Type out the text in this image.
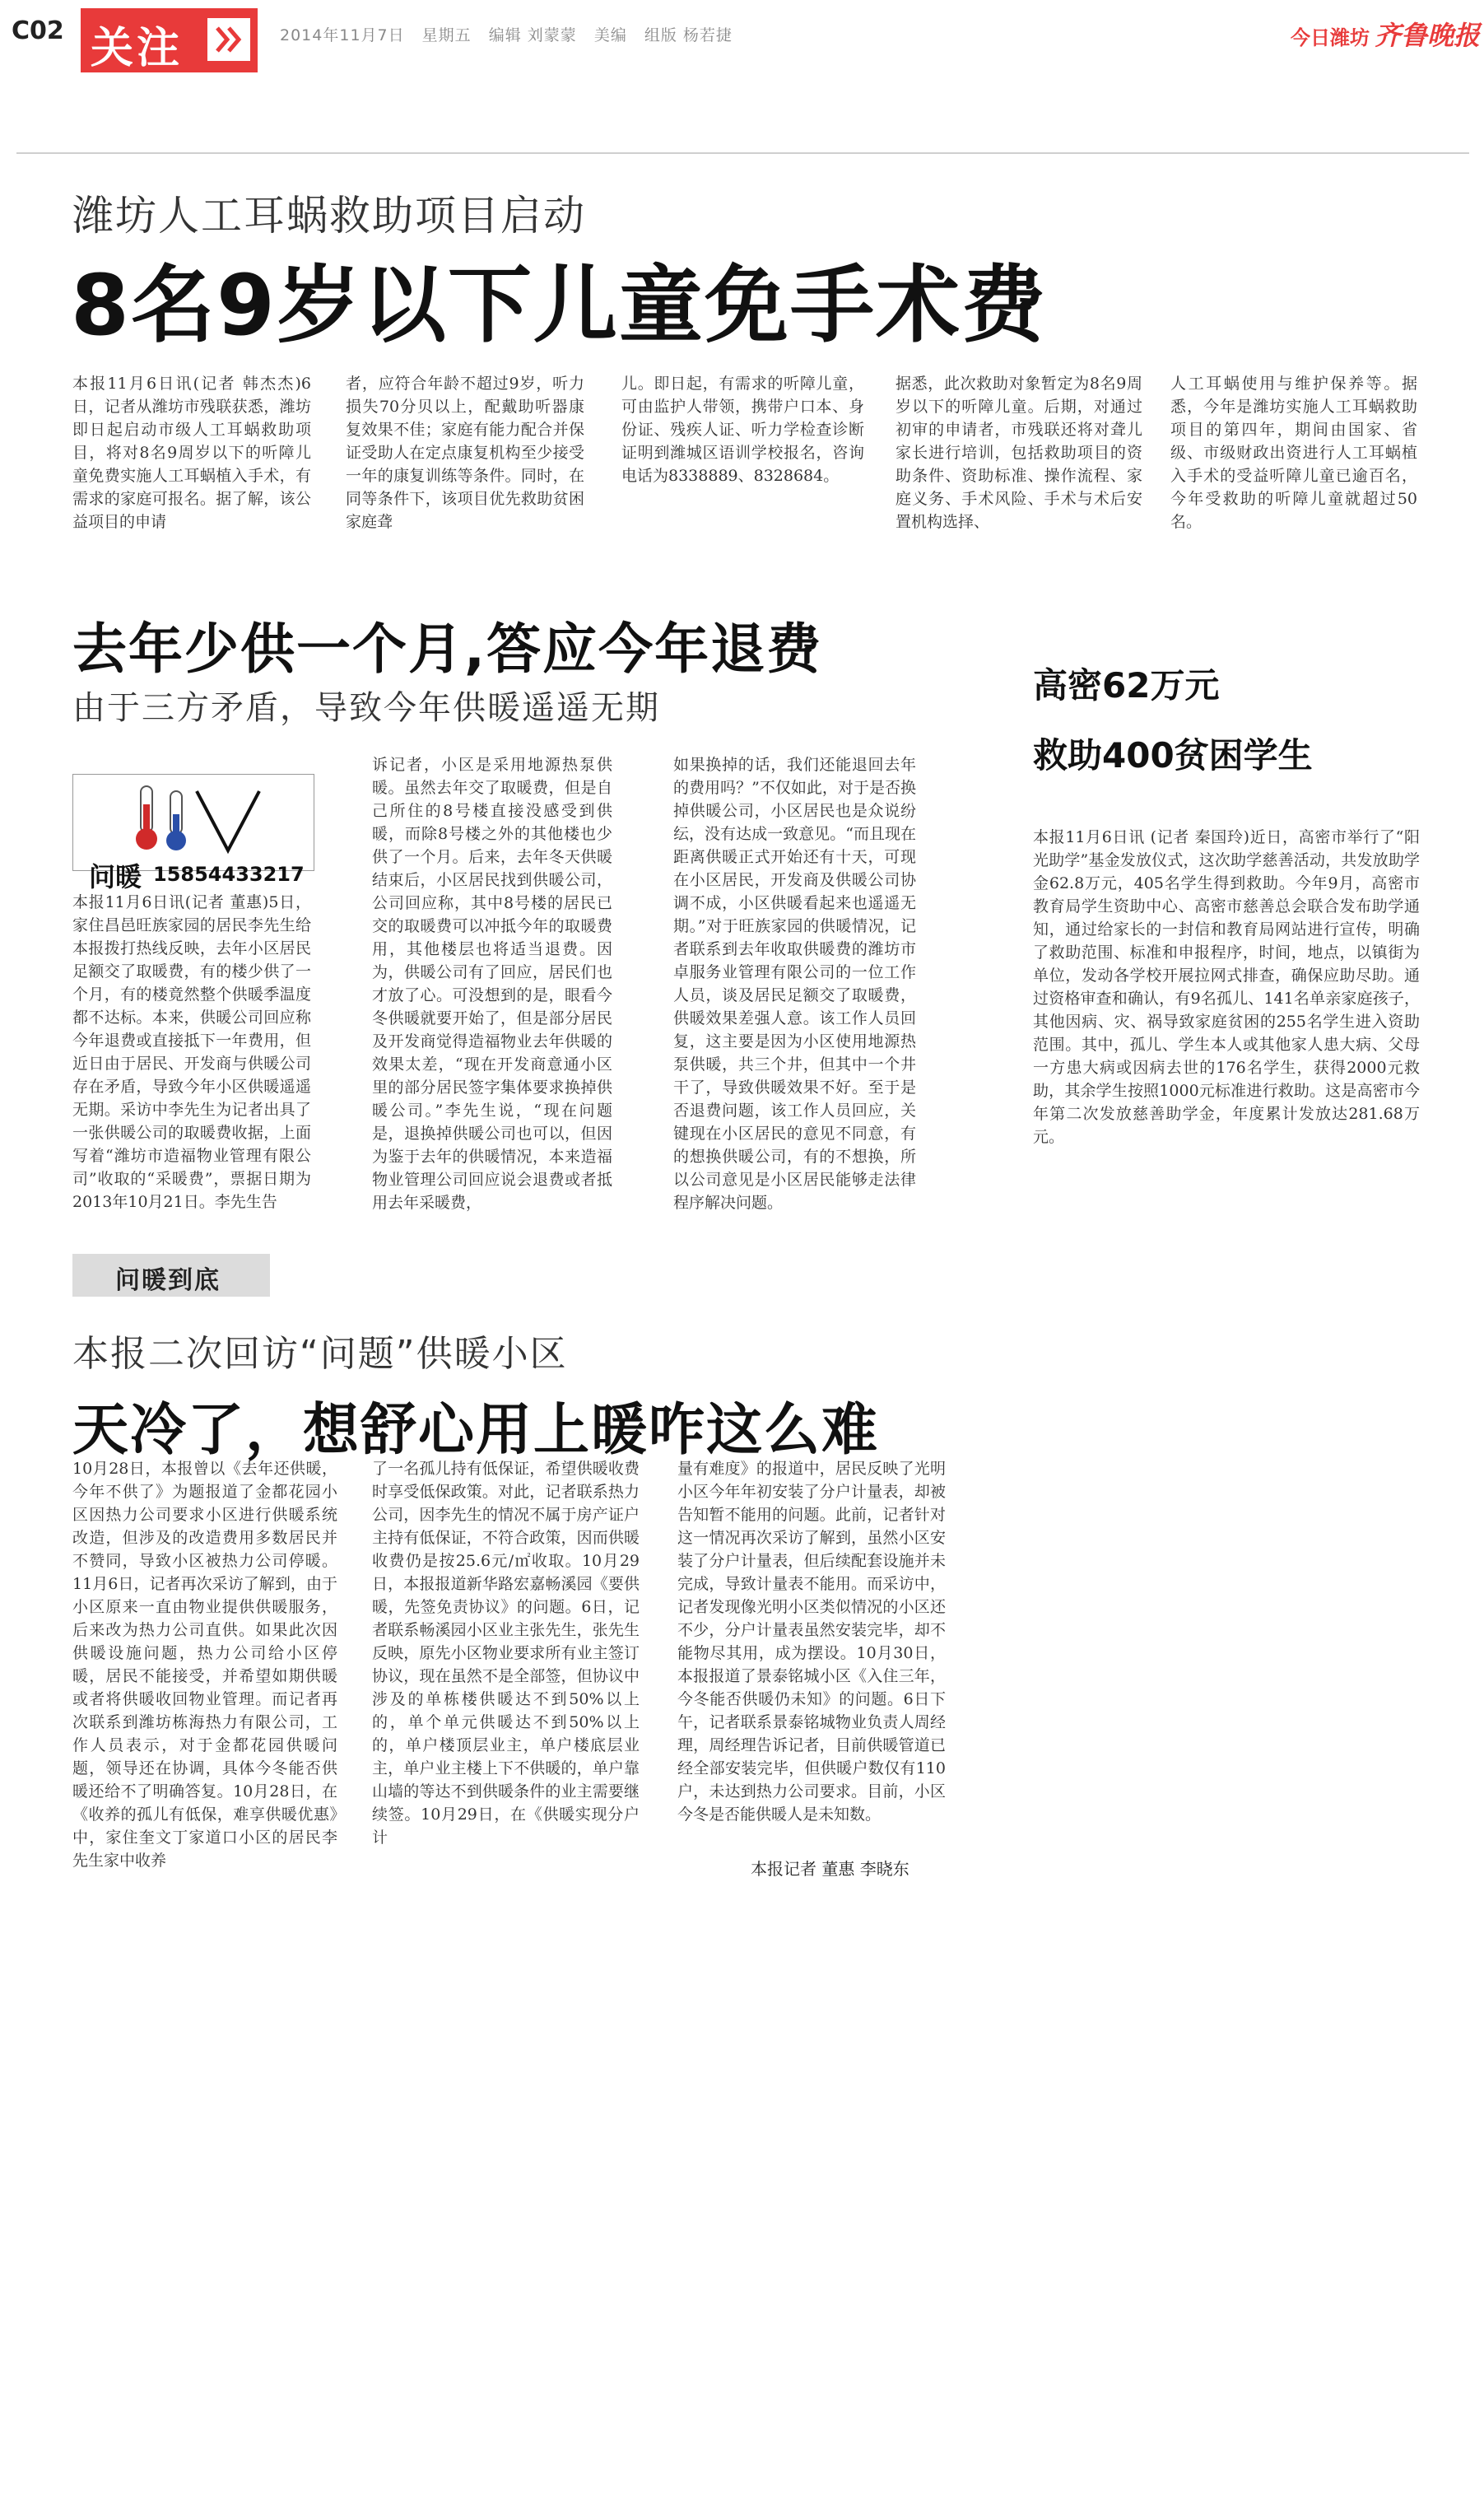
C02 关注	2014年11月7日 星期五 编辑 刘蒙蒙 美编 组版 杨若捷	今日潍坊 齐鲁晚报
潍坊人工耳蜗救助项目启动
8名9岁以下儿童免手术费
本报11月6日讯(记者 韩杰杰)6日，记者从潍坊市残联获悉，潍坊即日起启动市级人工耳蜗救助项目，将对8名9周岁以下的听障儿童免费实施人工耳蜗植入手术，有需求的家庭可报名。据了解，该公益项目的申请
者，应符合年龄不超过9岁，听力损失70分贝以上，配戴助听器康复效果不佳；家庭有能力配合并保证受助人在定点康复机构至少接受一年的康复训练等条件。同时，在同等条件下，该项目优先救助贫困家庭聋
儿。即日起，有需求的听障儿童，可由监护人带领，携带户口本、身份证、残疾人证、听力学检查诊断证明到潍城区语训学校报名，咨询电话为8338889、8328684。
据悉，此次救助对象暂定为8名9周岁以下的听障儿童。后期，对通过初审的申请者，市残联还将对聋儿家长进行培训，包括救助项目的资助条件、资助标准、操作流程、家庭义务、手术风险、手术与术后安置机构选择、
人工耳蜗使用与维护保养等。据悉，今年是潍坊实施人工耳蜗救助项目的第四年，期间由国家、省级、市级财政出资进行人工耳蜗植入手术的受益听障儿童已逾百名，今年受救助的听障儿童就超过50名。
去年少供一个月,答应今年退费
由于三方矛盾，导致今年供暖遥遥无期
问暖 15854433217
本报11月6日讯(记者 董惠)5日，家住昌邑旺族家园的居民李先生给本报拨打热线反映，去年小区居民足额交了取暖费，有的楼少供了一个月，有的楼竟然整个供暖季温度都不达标。本来，供暖公司回应称今年退费或直接抵下一年费用，但近日由于居民、开发商与供暖公司存在矛盾，导致今年小区供暖遥遥无期。采访中李先生为记者出具了一张供暖公司的取暖费收据，上面写着“潍坊市造福物业管理有限公司”收取的“采暖费”，票据日期为2013年10月21日。李先生告
诉记者，小区是采用地源热泵供暖。虽然去年交了取暖费，但是自己所住的8号楼直接没感受到供暖，而除8号楼之外的其他楼也少供了一个月。后来，去年冬天供暖结束后，小区居民找到供暖公司，公司回应称，其中8号楼的居民已交的取暖费可以冲抵今年的取暖费用，其他楼层也将适当退费。因为，供暖公司有了回应，居民们也才放了心。可没想到的是，眼看今冬供暖就要开始了，但是部分居民及开发商觉得造福物业去年供暖的效果太差，“现在开发商意通小区里的部分居民签字集体要求换掉供暖公司。”李先生说，“现在问题是，退换掉供暖公司也可以，但因为鉴于去年的供暖情况，本来造福物业管理公司回应说会退费或者抵用去年采暖费，
如果换掉的话，我们还能退回去年的费用吗？”不仅如此，对于是否换掉供暖公司，小区居民也是众说纷纭，没有达成一致意见。“而且现在距离供暖正式开始还有十天，可现在小区居民，开发商及供暖公司协调不成，小区供暖看起来也遥遥无期。”对于旺族家园的供暖情况，记者联系到去年收取供暖费的潍坊市卓服务业管理有限公司的一位工作人员，谈及居民足额交了取暖费，供暖效果差强人意。该工作人员回复，这主要是因为小区使用地源热泵供暖，共三个井，但其中一个井干了，导致供暖效果不好。至于是否退费问题，该工作人员回应，关键现在小区居民的意见不同意，有的想换供暖公司，有的不想换，所以公司意见是小区居民能够走法律程序解决问题。
高密62万元
救助400贫困学生
本报11月6日讯 (记者 秦国玲)近日，高密市举行了“阳光助学”基金发放仪式，这次助学慈善活动，共发放助学金62.8万元，405名学生得到救助。今年9月，高密市教育局学生资助中心、高密市慈善总会联合发布助学通知，通过给家长的一封信和教育局网站进行宣传，明确了救助范围、标准和申报程序，时间，地点，以镇街为单位，发动各学校开展拉网式排查，确保应助尽助。通过资格审查和确认，有9名孤儿、141名单亲家庭孩子，其他因病、灾、祸导致家庭贫困的255名学生进入资助范围。其中，孤儿、学生本人或其他家人患大病、父母一方患大病或因病去世的176名学生，获得2000元救助，其余学生按照1000元标准进行救助。这是高密市今年第二次发放慈善助学金，年度累计发放达281.68万元。
问暖到底
本报二次回访“问题”供暖小区
天冷了，想舒心用上暖咋这么难
10月28日，本报曾以《去年还供暖，今年不供了》为题报道了金都花园小区因热力公司要求小区进行供暖系统改造，但涉及的改造费用多数居民并不赞同，导致小区被热力公司停暖。11月6日，记者再次采访了解到，由于小区原来一直由物业提供供暖服务，后来改为热力公司直供。如果此次因供暖设施问题，热力公司给小区停暖，居民不能接受，并希望如期供暖或者将供暖收回物业管理。而记者再次联系到潍坊栋海热力有限公司，工作人员表示，对于金都花园供暖问题，领导还在协调，具体今冬能否供暖还给不了明确答复。10月28日，在《收养的孤儿有低保，难享供暖优惠》中，家住奎文丁家道口小区的居民李先生家中收养
了一名孤儿持有低保证，希望供暖收费时享受低保政策。对此，记者联系热力公司，因李先生的情况不属于房产证户主持有低保证，不符合政策，因而供暖收费仍是按25.6元/㎡收取。10月29日，本报报道新华路宏嘉畅溪园《要供暖，先签免责协议》的问题。6日，记者联系畅溪园小区业主张先生，张先生反映，原先小区物业要求所有业主签订协议，现在虽然不是全部签，但协议中涉及的单栋楼供暖达不到50%以上的，单个单元供暖达不到50%以上的，单户楼顶层业主，单户楼底层业主，单户业主楼上下不供暖的，单户靠山墙的等达不到供暖条件的业主需要继续签。10月29日，在《供暖实现分户计
量有难度》的报道中，居民反映了光明小区今年年初安装了分户计量表，却被告知暂不能用的问题。此前，记者针对这一情况再次采访了解到，虽然小区安装了分户计量表，但后续配套设施并未完成，导致计量表不能用。而采访中，记者发现像光明小区类似情况的小区还不少，分户计量表虽然安装完毕，却不能物尽其用，成为摆设。10月30日，本报报道了景泰铭城小区《入住三年，今冬能否供暖仍未知》的问题。6日下午，记者联系景泰铭城物业负责人周经理，周经理告诉记者，目前供暖管道已经全部安装完毕，但供暖户数仅有110户，未达到热力公司要求。目前，小区今冬是否能供暖人是未知数。
本报记者 董惠 李晓东
